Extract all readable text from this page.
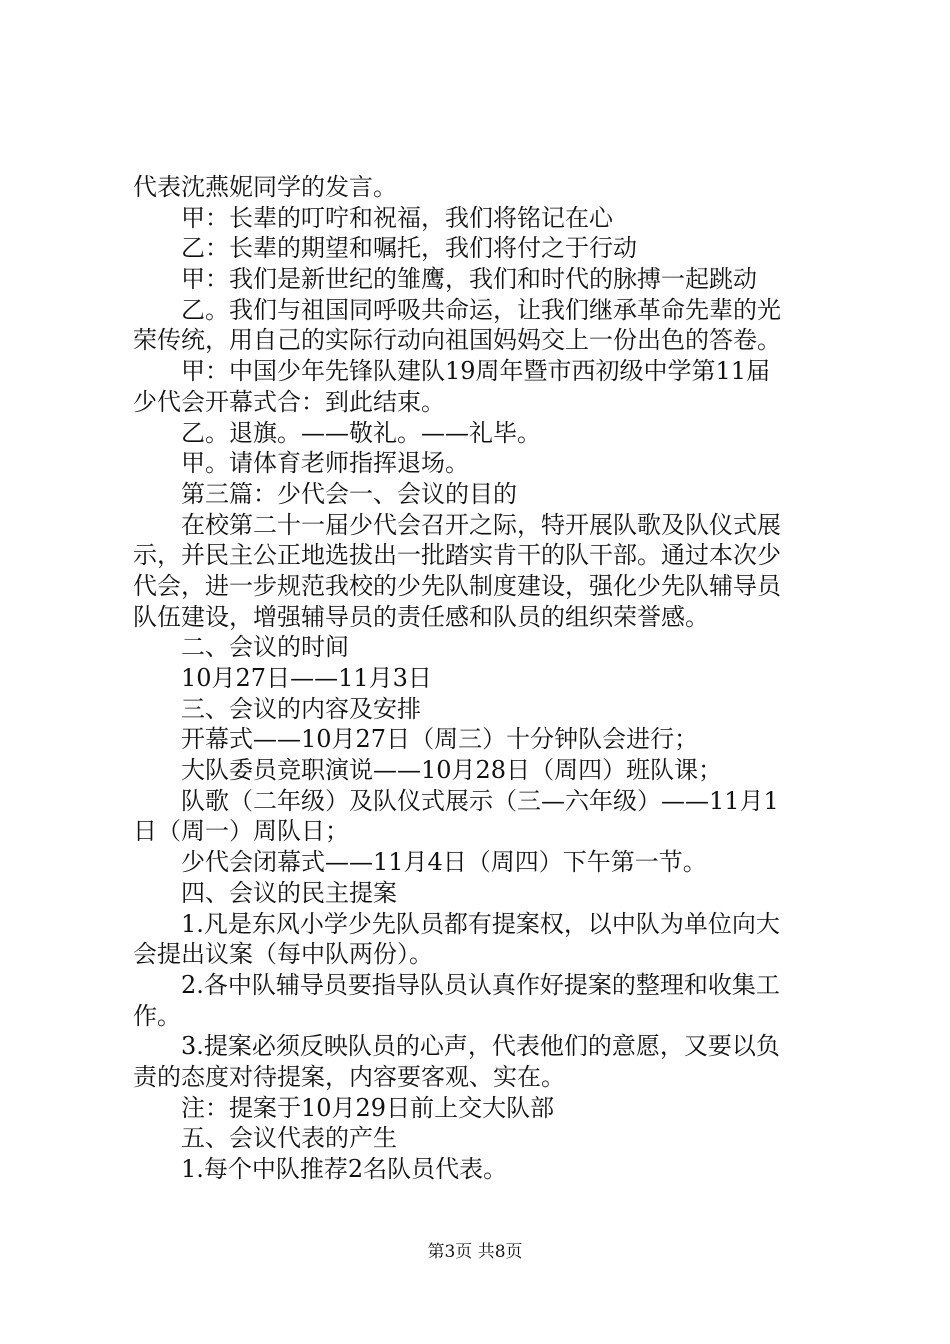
代表沈燕妮同学的发言。
甲：长辈的叮咛和祝福，我们将铭记在心
乙：长辈的期望和嘱托，我们将付之于行动
甲：我们是新世纪的雏鹰，我们和时代的脉搏一起跳动
乙。我们与祖国同呼吸共命运，让我们继承革命先辈的光
荣传统，用自己的实际行动向祖国妈妈交上一份出色的答卷。
甲：中国少年先锋队建队19周年暨市西初级中学第11届
少代会开幕式合：到此结束。
乙。退旗。——敬礼。——礼毕。
甲。请体育老师指挥退场。
第三篇：少代会一、会议的目的
在校第二十一届少代会召开之际，特开展队歌及队仪式展
示，并民主公正地选拔出一批踏实肯干的队干部。通过本次少
代会，进一步规范我校的少先队制度建设，强化少先队辅导员
队伍建设，增强辅导员的责任感和队员的组织荣誉感。
二、会议的时间
10月27日——11月3日
三、会议的内容及安排
开幕式——10月27日（周三）十分钟队会进行；
大队委员竞职演说——10月28日（周四）班队课；
队歌（二年级）及队仪式展示（三—六年级）——11月1
日（周一）周队日；
少代会闭幕式——11月4日（周四）下午第一节。
四、会议的民主提案
1.凡是东风小学少先队员都有提案权，以中队为单位向大
会提出议案（每中队两份）。
2.各中队辅导员要指导队员认真作好提案的整理和收集工
作。
3.提案必须反映队员的心声，代表他们的意愿，又要以负
责的态度对待提案，内容要客观、实在。
注：提案于10月29日前上交大队部
五、会议代表的产生
1.每个中队推荐2名队员代表。
第3页 共8页
